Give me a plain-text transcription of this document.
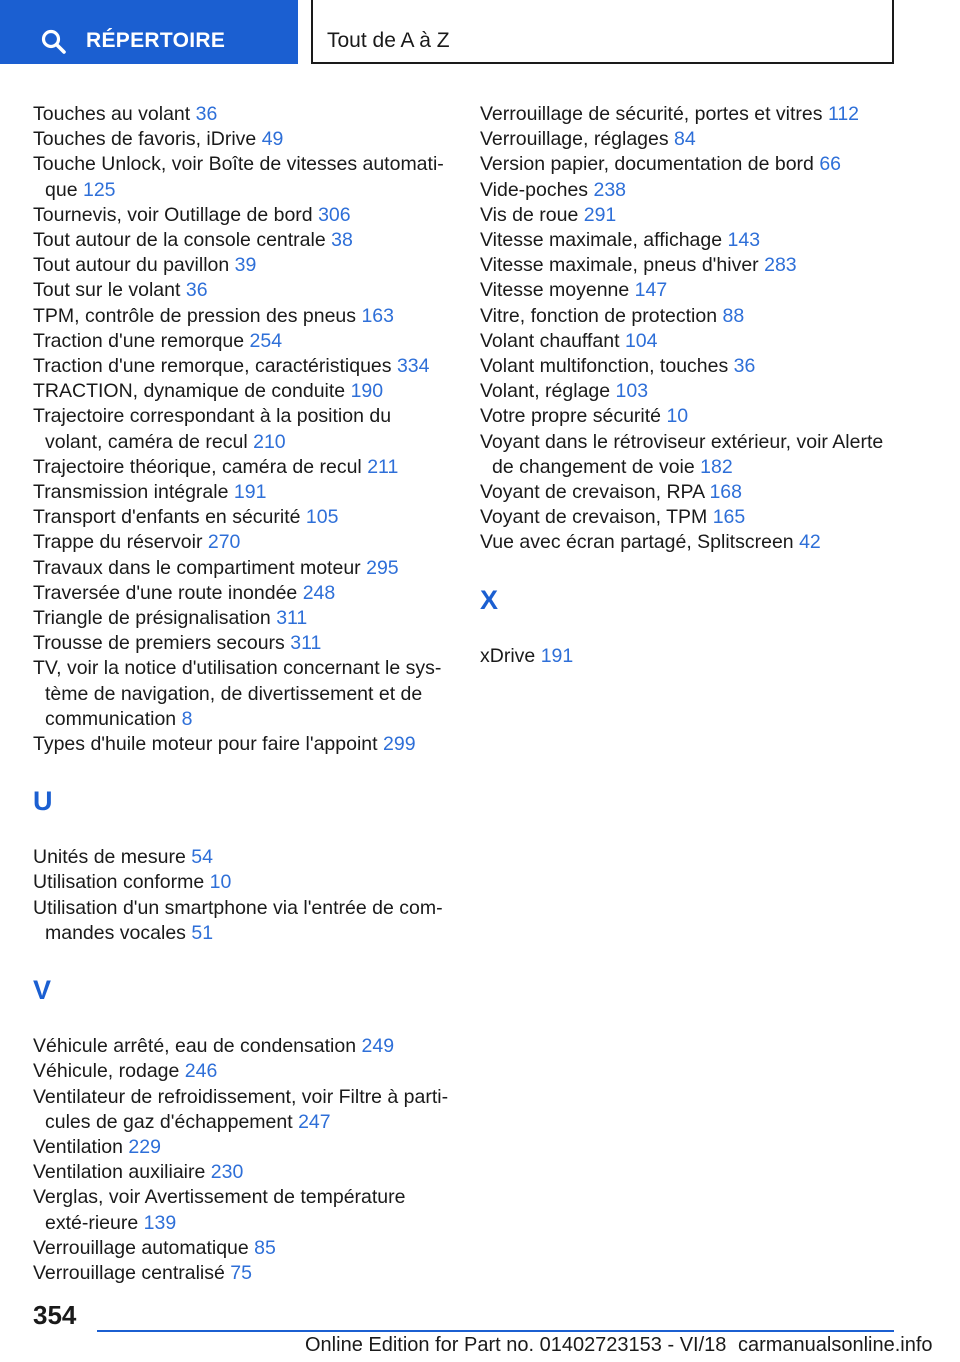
RÉPERTOIRE	Tout de A à Z
Touches au volant 36
Touches de favoris, iDrive 49
Touche Unlock, voir Boîte de vitesses automati‐que 125
Tournevis, voir Outillage de bord 306
Tout autour de la console centrale 38
Tout autour du pavillon 39
Tout sur le volant 36
TPM, contrôle de pression des pneus 163
Traction d'une remorque 254
Traction d'une remorque, caractéristiques 334
TRACTION, dynamique de conduite 190
Trajectoire correspondant à la position du volant, caméra de recul 210
Trajectoire théorique, caméra de recul 211
Transmission intégrale 191
Transport d'enfants en sécurité 105
Trappe du réservoir 270
Travaux dans le compartiment moteur 295
Traversée d'une route inondée 248
Triangle de présignalisation 311
Trousse de premiers secours 311
TV, voir la notice d'utilisation concernant le sys‐tème de navigation, de divertissement et de communication 8
Types d'huile moteur pour faire l'appoint 299
U
Unités de mesure 54
Utilisation conforme 10
Utilisation d'un smartphone via l'entrée de com‐mandes vocales 51
V
Véhicule arrêté, eau de condensation 249
Véhicule, rodage 246
Ventilateur de refroidissement, voir Filtre à parti‐cules de gaz d'échappement 247
Ventilation 229
Ventilation auxiliaire 230
Verglas, voir Avertissement de température exté‐rieure 139
Verrouillage automatique 85
Verrouillage centralisé 75
Verrouillage de sécurité, portes et vitres 112
Verrouillage, réglages 84
Version papier, documentation de bord 66
Vide-poches 238
Vis de roue 291
Vitesse maximale, affichage 143
Vitesse maximale, pneus d'hiver 283
Vitesse moyenne 147
Vitre, fonction de protection 88
Volant chauffant 104
Volant multifonction, touches 36
Volant, réglage 103
Votre propre sécurité 10
Voyant dans le rétroviseur extérieur, voir Alerte de changement de voie 182
Voyant de crevaison, RPA 168
Voyant de crevaison, TPM 165
Vue avec écran partagé, Splitscreen 42
X
xDrive 191
354
Online Edition for Part no. 01402723153 - VI/18 carmanualsonline.info
